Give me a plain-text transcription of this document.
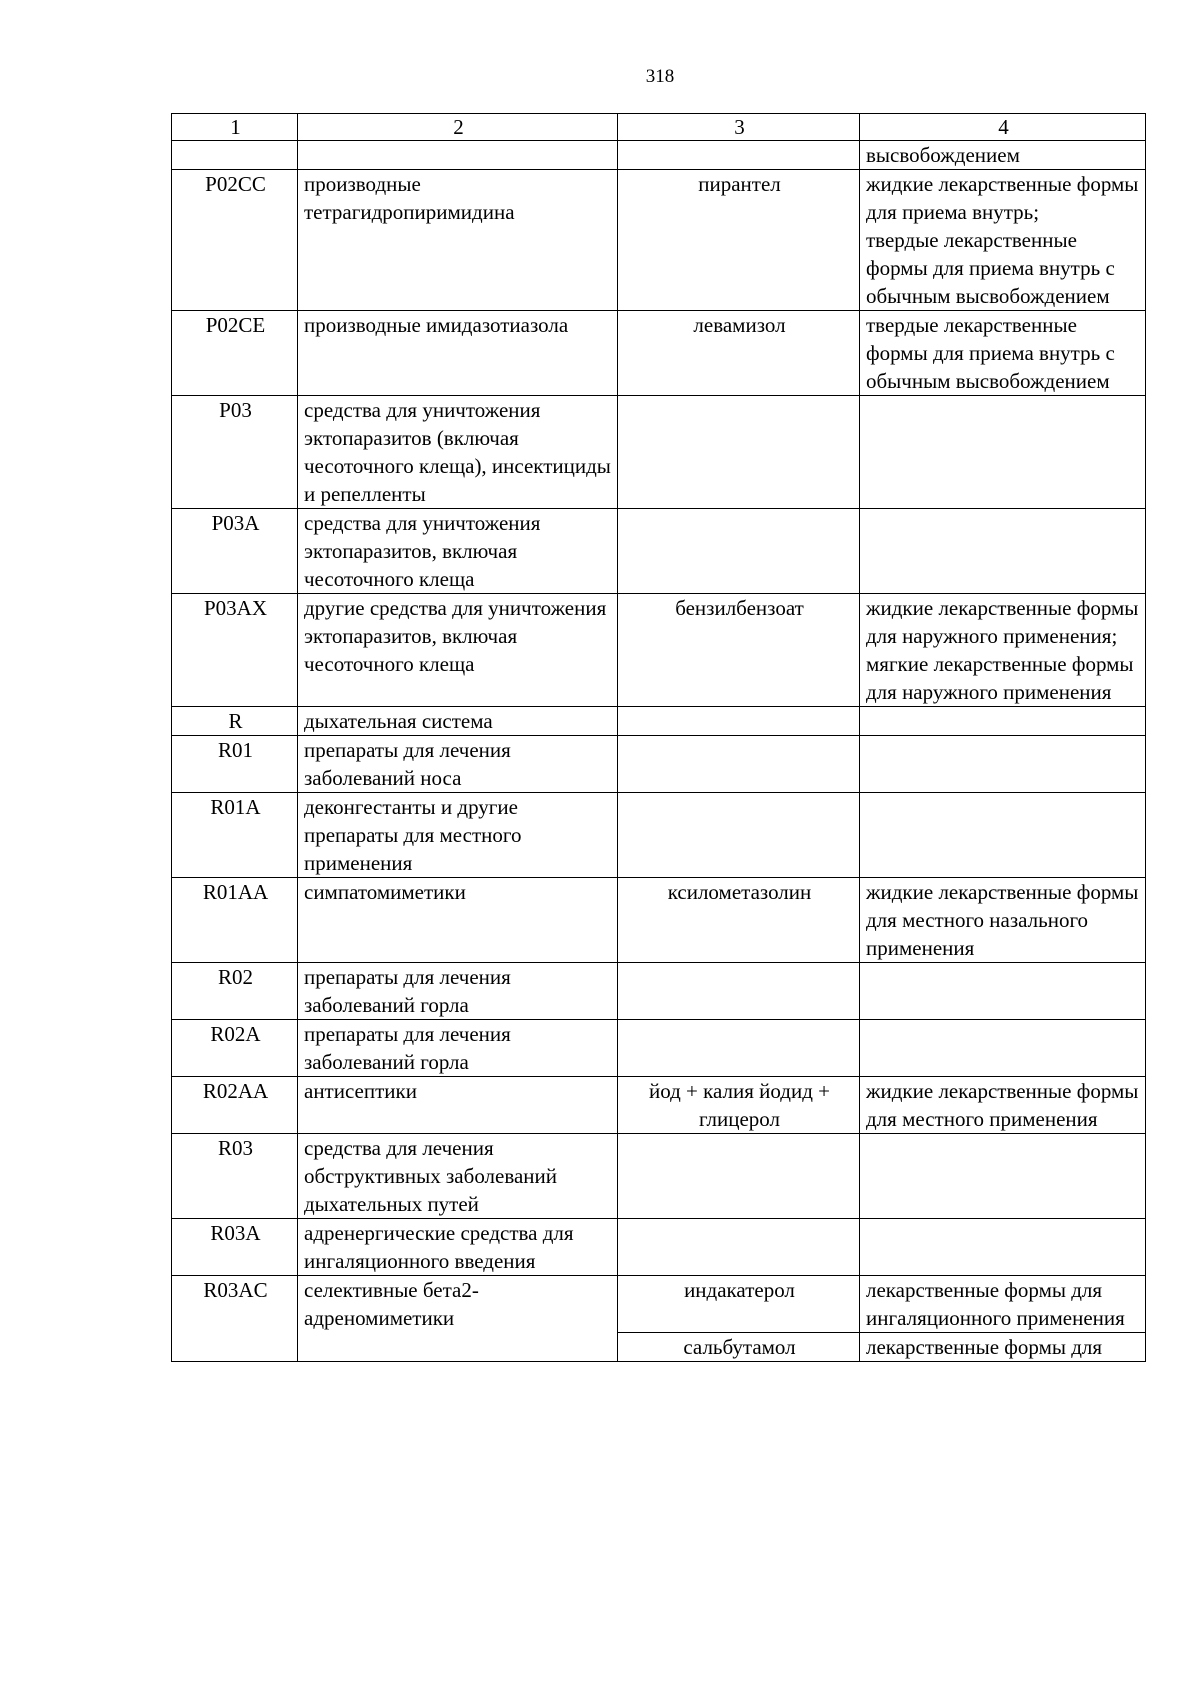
318
1	2	3	4

			высвобождением

P02CC	производные тетрагидропиримидина	пирантел	жидкие лекарственные формы для приема внутрь;
твердые лекарственные формы для приема внутрь с обычным высвобождением

P02CE	производные имидазотиазола	левамизол	твердые лекарственные формы для приема внутрь с обычным высвобождением

P03	средства для уничтожения эктопаразитов (включая чесоточного клеща), инсектициды и репелленты		
P03A	средства для уничтожения эктопаразитов, включая чесоточного клеща		
P03AX	другие средства для уничтожения эктопаразитов, включая чесоточного клеща	бензилбензоат	жидкие лекарственные формы для наружного применения;
мягкие лекарственные формы для наружного применения

R	дыхательная система		
R01	препараты для лечения заболеваний носа		
R01A	деконгестанты и другие препараты для местного применения		
R01AA	симпатомиметики	ксилометазолин	жидкие лекарственные формы для местного назального применения

R02	препараты для лечения заболеваний горла		
R02A	препараты для лечения заболеваний горла		
R02AA	антисептики	йод + калия йодид + глицерол	жидкие лекарственные формы для местного применения

R03	средства для лечения обструктивных заболеваний дыхательных путей		
R03A	адренергические средства для ингаляционного введения		
R03AC	селективные бета2-адреномиметики	индакатерол	лекарственные формы для ингаляционного применения

		сальбутамол	лекарственные формы для
